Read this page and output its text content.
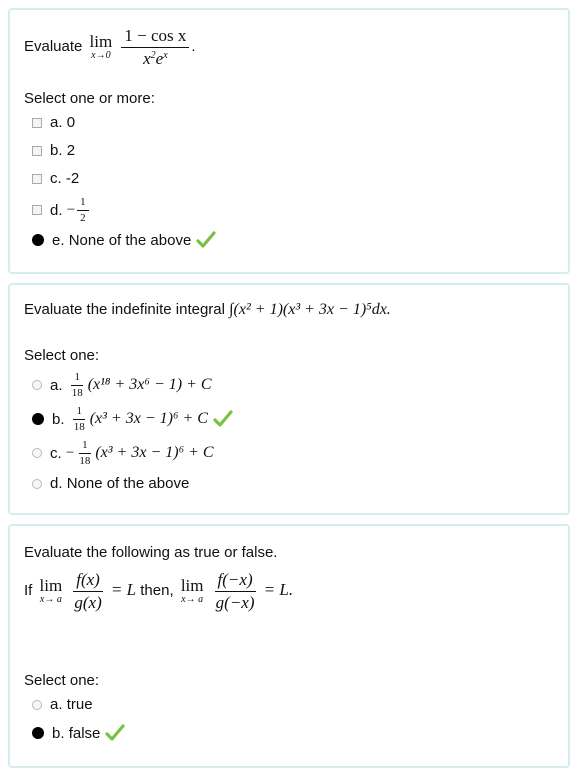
Evaluate lim
x→0
$\frac{\text{1 − cos x}}{x^2e^x}$ .
Select one or more:
a.
0
b.
2
c.
-2
d.
− $\frac{1}{2}$
e.
None of the above
Evaluate the indefinite integral ∫(x² + 1)(x³ + 3x − 1)⁵dx.
Select one:
a.
$\frac{1}{18} (x^{18} + 3x^6 - 1) + C$
b.
$\frac{1}{18} (x^3 + 3x - 1)^6 + C$
c.
− $\frac{1}{18} (x^3 + 3x - 1)^6 + C$
d.
None of the above
Evaluate the following as true or false.
If lim
x→ a
$\frac{f(x)}{g(x)} = L$ then, lim
x→ a
$\frac{f(-x)}{g(-x)} = L$.
Select one:
a.
true
b.
false
